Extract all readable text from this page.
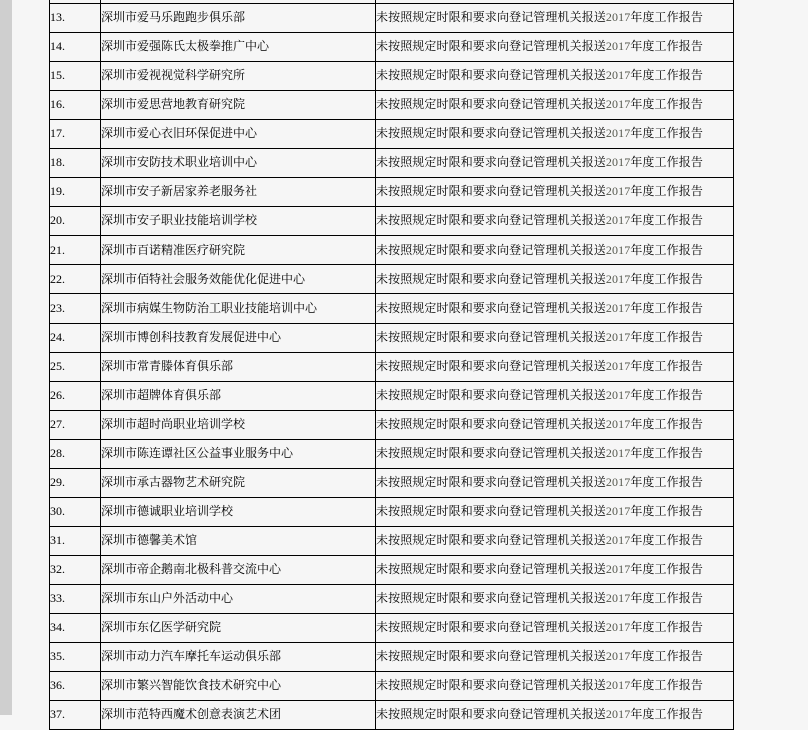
13.	深圳市爱马乐跑跑步俱乐部	未按照规定时限和要求向登记管理机关报送2017年度工作报告
14.	深圳市爱强陈氏太极拳推广中心	未按照规定时限和要求向登记管理机关报送2017年度工作报告
15.	深圳市爱视视觉科学研究所	未按照规定时限和要求向登记管理机关报送2017年度工作报告
16.	深圳市爱思营地教育研究院	未按照规定时限和要求向登记管理机关报送2017年度工作报告
17.	深圳市爱心衣旧环保促进中心	未按照规定时限和要求向登记管理机关报送2017年度工作报告
18.	深圳市安防技术职业培训中心	未按照规定时限和要求向登记管理机关报送2017年度工作报告
19.	深圳市安子新居家养老服务社	未按照规定时限和要求向登记管理机关报送2017年度工作报告
20.	深圳市安子职业技能培训学校	未按照规定时限和要求向登记管理机关报送2017年度工作报告
21.	深圳市百诺精准医疗研究院	未按照规定时限和要求向登记管理机关报送2017年度工作报告
22.	深圳市佰特社会服务效能优化促进中心	未按照规定时限和要求向登记管理机关报送2017年度工作报告
23.	深圳市病媒生物防治工职业技能培训中心	未按照规定时限和要求向登记管理机关报送2017年度工作报告
24.	深圳市博创科技教育发展促进中心	未按照规定时限和要求向登记管理机关报送2017年度工作报告
25.	深圳市常青滕体育俱乐部	未按照规定时限和要求向登记管理机关报送2017年度工作报告
26.	深圳市超牌体育俱乐部	未按照规定时限和要求向登记管理机关报送2017年度工作报告
27.	深圳市超时尚职业培训学校	未按照规定时限和要求向登记管理机关报送2017年度工作报告
28.	深圳市陈连谭社区公益事业服务中心	未按照规定时限和要求向登记管理机关报送2017年度工作报告
29.	深圳市承古器物艺术研究院	未按照规定时限和要求向登记管理机关报送2017年度工作报告
30.	深圳市德诚职业培训学校	未按照规定时限和要求向登记管理机关报送2017年度工作报告
31.	深圳市德馨美术馆	未按照规定时限和要求向登记管理机关报送2017年度工作报告
32.	深圳市帝企鹅南北极科普交流中心	未按照规定时限和要求向登记管理机关报送2017年度工作报告
33.	深圳市东山户外活动中心	未按照规定时限和要求向登记管理机关报送2017年度工作报告
34.	深圳市东亿医学研究院	未按照规定时限和要求向登记管理机关报送2017年度工作报告
35.	深圳市动力汽车摩托车运动俱乐部	未按照规定时限和要求向登记管理机关报送2017年度工作报告
36.	深圳市繁兴智能饮食技术研究中心	未按照规定时限和要求向登记管理机关报送2017年度工作报告
37.	深圳市范特西魔术创意表演艺术团	未按照规定时限和要求向登记管理机关报送2017年度工作报告
